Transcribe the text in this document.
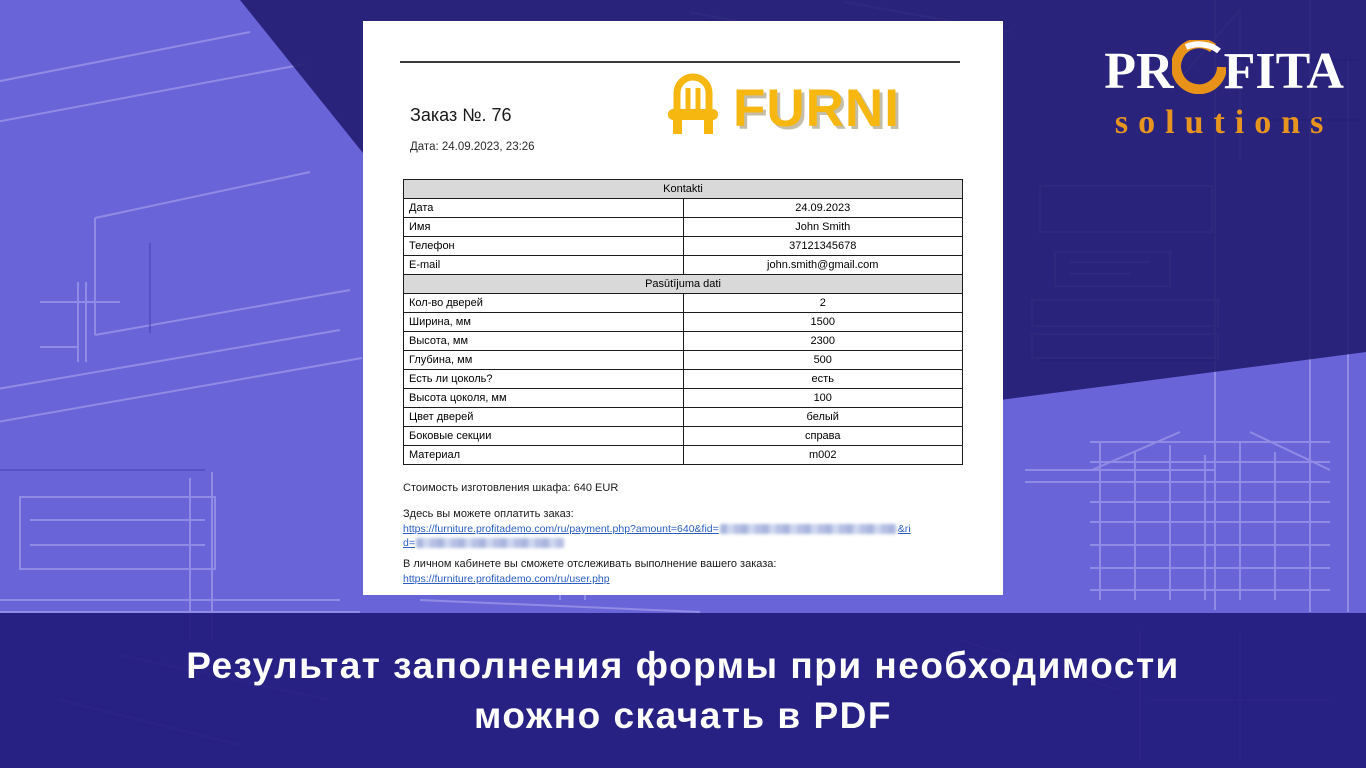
Результат заполнения формы при необходимости
можно скачать в PDF
PR FITA
solutions
Заказ №. 76
Дата: 24.09.2023, 23:26
FURNI
Kontakti	
Дата	24.09.2023
Имя	John Smith
Телефон	37121345678
E-mail	john.smith@gmail.com
Pasūtījuma dati	
Кол-во дверей	2
Ширина, мм	1500
Высота, мм	2300
Глубина, мм	500
Есть ли цоколь?	есть
Высота цоколя, мм	100
Цвет дверей	белый
Боковые секции	справа
Материал	m002
Стоимость изготовления шкафа: 640 EUR
Здесь вы можете оплатить заказ:
https://furniture.profitademo.com/ru/payment.php?amount=640&fid=	&ri
d=
В личном кабинете вы сможете отслеживать выполнение вашего заказа:
https://furniture.profitademo.com/ru/user.php
